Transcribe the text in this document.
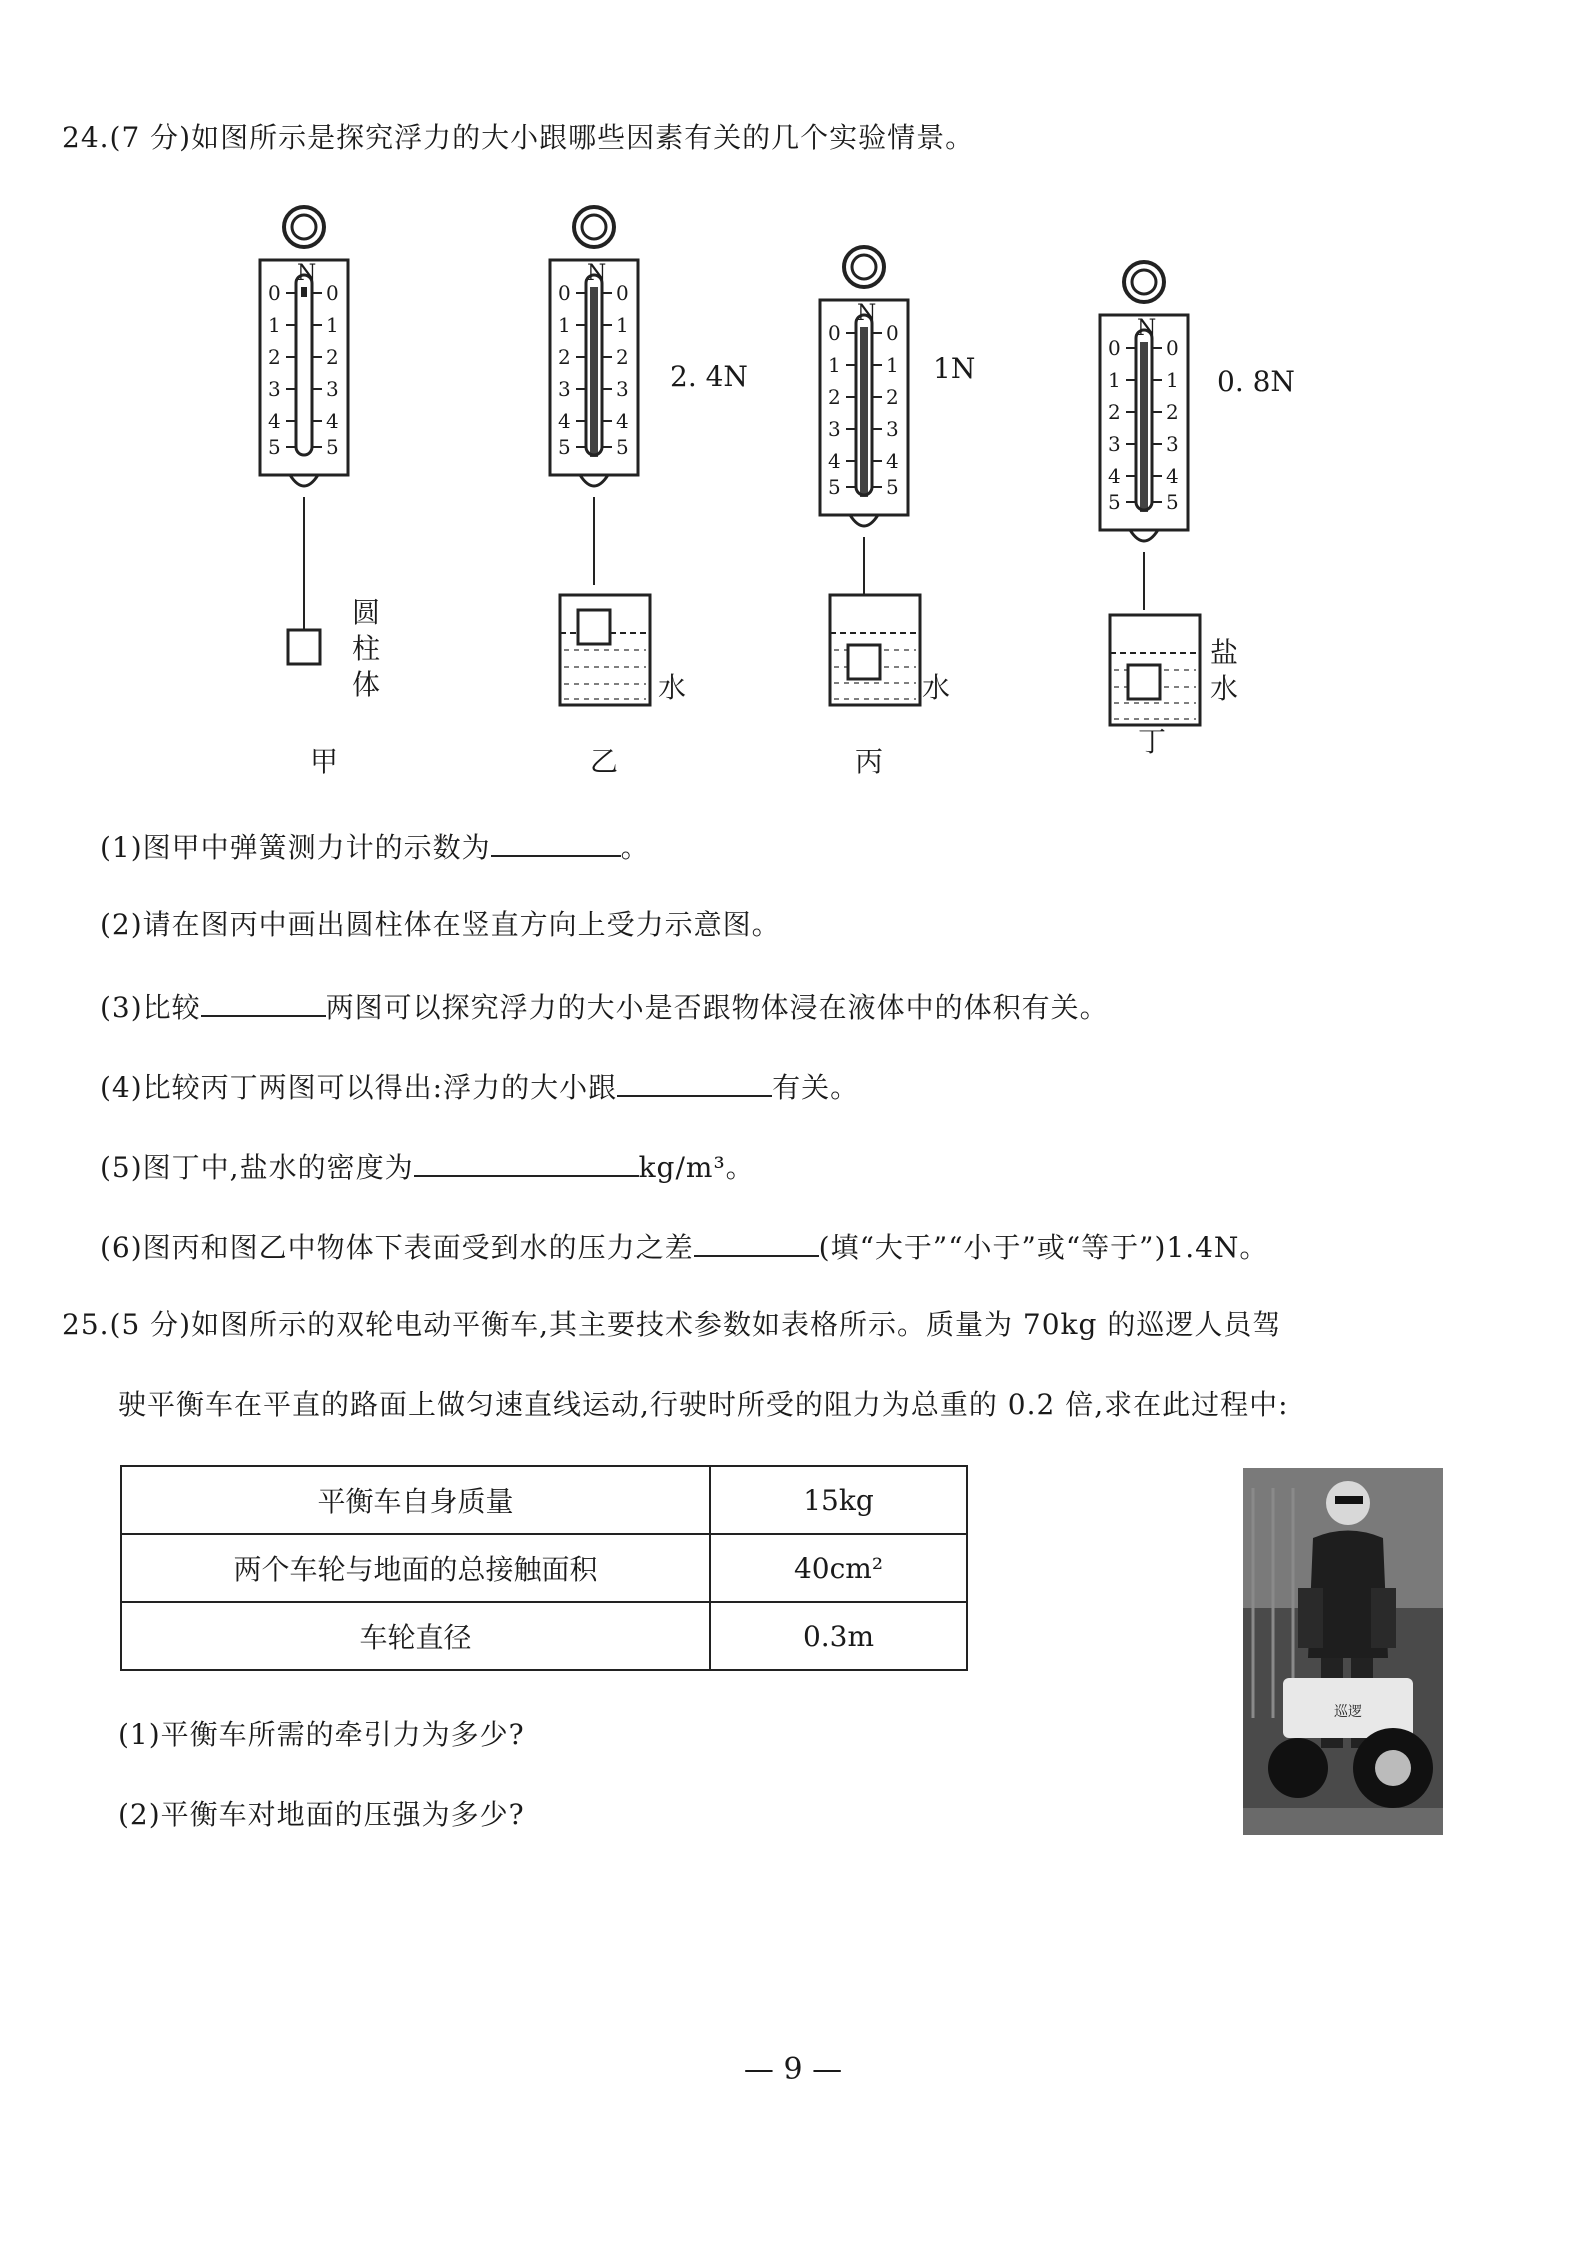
24.(7 分)如图所示是探究浮力的大小跟哪些因素有关的几个实验情景。
N	N
N
N
2. 4N	1N	0. 8N
圆柱体	水	水
盐水
甲	乙	丙
丁
0 0
1 1
2 2
3 3
4 4
5 5
0 0
1 1
2 2
3 3
4 4
5 5
0 0
1 1
2 2
3 3
4 4
5 5
0 0
1 1
2 2
3 3
4 4
5 5
(1)图甲中弹簧测力计的示数为	。
(2)请在图丙中画出圆柱体在竖直方向上受力示意图。
(3)比较	两图可以探究浮力的大小是否跟物体浸在液体中的体积有关。
(4)比较丙丁两图可以得出:浮力的大小跟	有关。
(5)图丁中,盐水的密度为	kg/m³。
(6)图丙和图乙中物体下表面受到水的压力之差	(填“大于”“小于”或“等于”)1.4N。
25.(5 分)如图所示的双轮电动平衡车,其主要技术参数如表格所示。质量为 70kg 的巡逻人员驾
驶平衡车在平直的路面上做匀速直线运动,行驶时所受的阻力为总重的 0.2 倍,求在此过程中:
平衡车自身质量	15kg
两个车轮与地面的总接触面积	40cm²
车轮直径	0.3m
巡逻
(1)平衡车所需的牵引力为多少?
(2)平衡车对地面的压强为多少?
— 9 —
